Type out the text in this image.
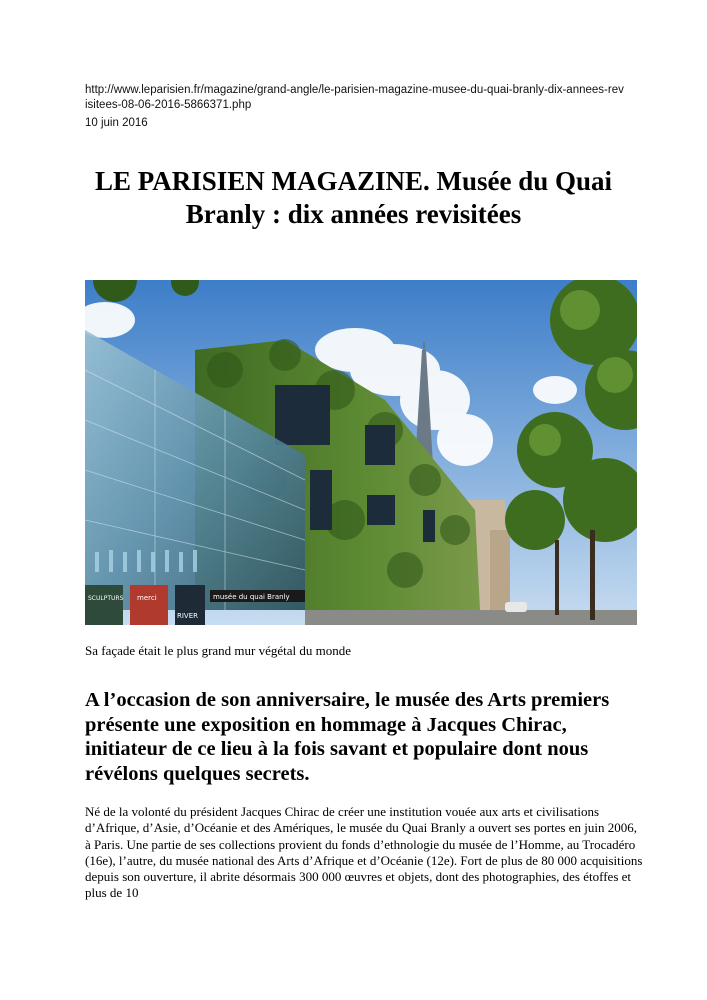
http://www.leparisien.fr/magazine/grand-angle/le-parisien-magazine-musee-du-quai-branly-dix-annees-revisitees-08-06-2016-5866371.php
10 juin 2016
LE PARISIEN MAGAZINE. Musée du Quai Branly : dix années revisitées
SCULPTURS merci
RIVER
musée du quai Branly
Sa façade était le plus grand mur végétal du monde
A l’occasion de son anniversaire, le musée des Arts premiers présente une exposition en hommage à Jacques Chirac, initiateur de ce lieu à la fois savant et populaire dont nous révélons quelques secrets.

Né de la volonté du président Jacques Chirac de créer une institution vouée aux arts et civilisations d’Afrique, d’Asie, d’Océanie et des Amériques, le musée du Quai Branly a ouvert ses portes en juin 2006, à Paris. Une partie de ses collections provient du fonds d’ethnologie du musée de l’Homme, au Trocadéro (16e), l’autre, du musée national des Arts d’Afrique et d’Océanie (12e). Fort de plus de 80 000 acquisitions depuis son ouverture, il abrite désormais 300 000 œuvres et objets, dont des photographies, des étoffes et plus de 10
